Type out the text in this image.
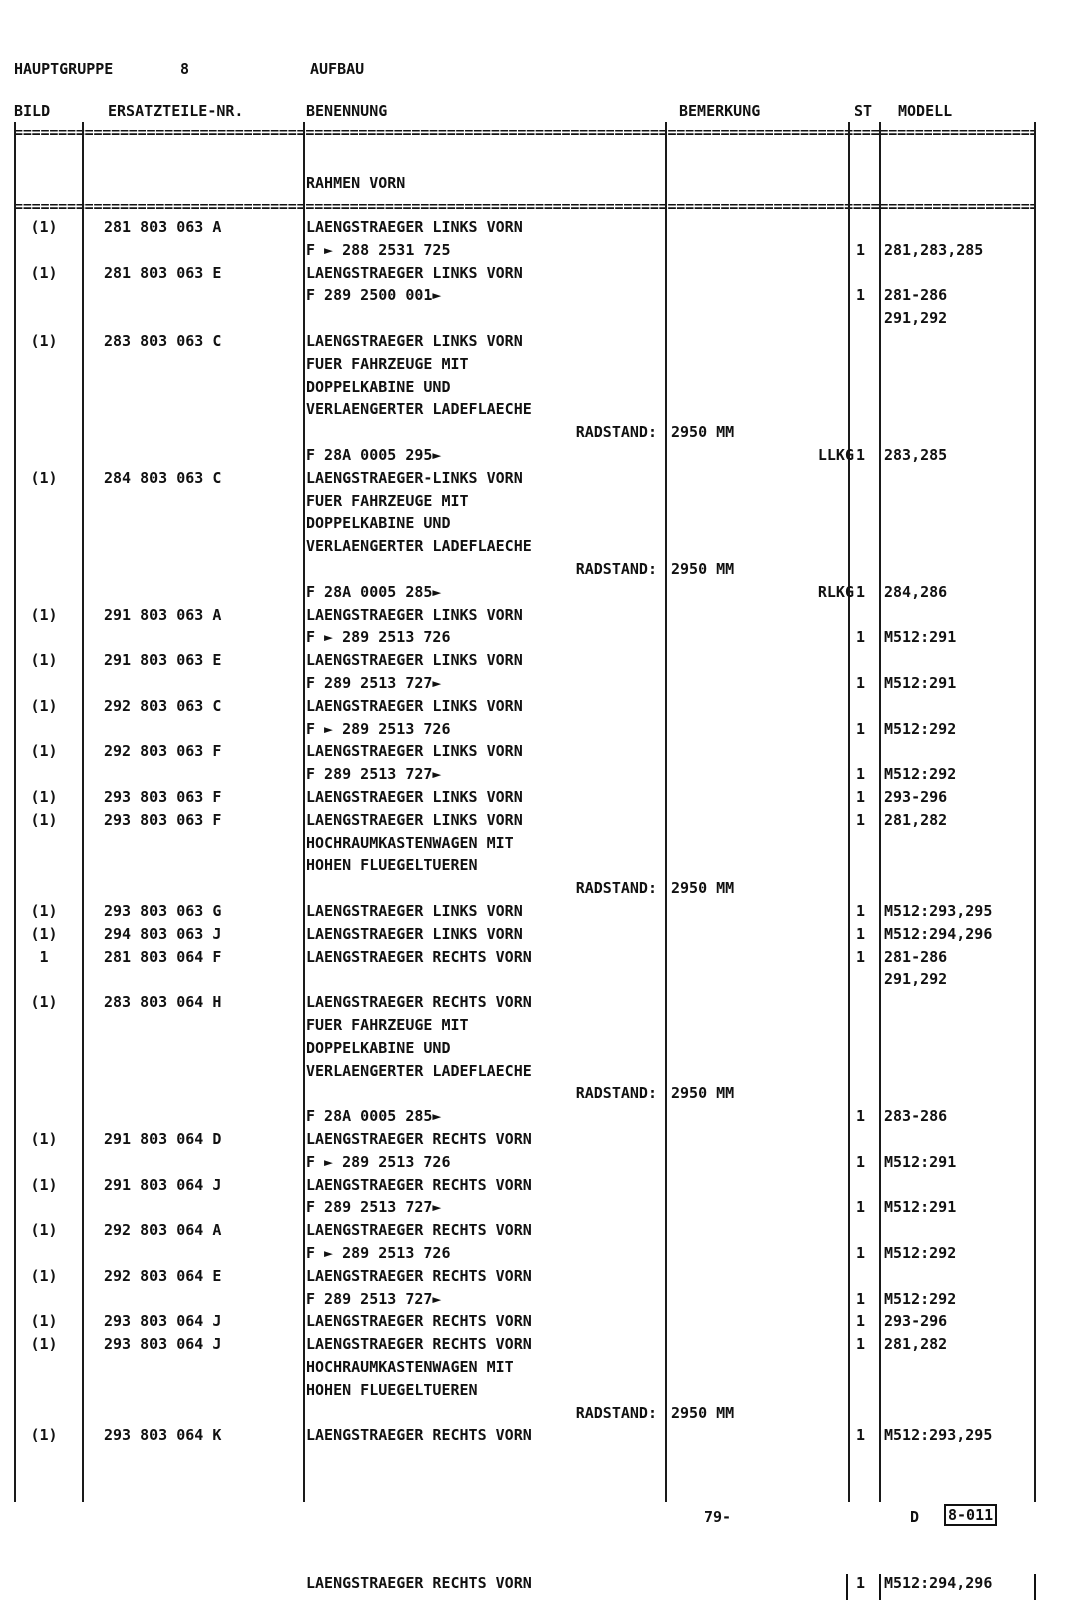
HAUPTGRUPPE	8	AUFBAU
BILD	ERSATZTEILE-NR.	BENENNUNG	BEMERKUNG	ST MODELL
=====
=====
RAHMEN VORN
(1)	281 803 063 A	LAENGSTRAEGER LINKS VORN
F ► 288 2531 725	1 281,283,285
(1)	281 803 063 E	LAENGSTRAEGER LINKS VORN
F 289 2500 001►	1 281-286
291,292
(1)	283 803 063 C	LAENGSTRAEGER LINKS VORN
FUER FAHRZEUGE MIT
DOPPELKABINE UND
VERLAENGERTER LADEFLAECHE
RADSTAND: 2950 MM
F 28A 0005 295►	LLKG 1 283,285
(1)	284 803 063 C	LAENGSTRAEGER-LINKS VORN
FUER FAHRZEUGE MIT
DOPPELKABINE UND
VERLAENGERTER LADEFLAECHE
RADSTAND: 2950 MM
F 28A 0005 285►	RLKG 1 284,286
(1)	291 803 063 A	LAENGSTRAEGER LINKS VORN
F ► 289 2513 726	1 M512:291
(1)	291 803 063 E	LAENGSTRAEGER LINKS VORN
F 289 2513 727►	1 M512:291
(1)	292 803 063 C	LAENGSTRAEGER LINKS VORN
F ► 289 2513 726	1 M512:292
(1)	292 803 063 F	LAENGSTRAEGER LINKS VORN
F 289 2513 727►	1 M512:292
(1)	293 803 063 F	LAENGSTRAEGER LINKS VORN	1 293-296
(1)	293 803 063 F	LAENGSTRAEGER LINKS VORN	1 281,282
HOCHRAUMKASTENWAGEN MIT
HOHEN FLUEGELTUEREN
RADSTAND: 2950 MM
(1)	293 803 063 G	LAENGSTRAEGER LINKS VORN	1 M512:293,295
(1)	294 803 063 J	LAENGSTRAEGER LINKS VORN	1 M512:294,296
1	281 803 064 F	LAENGSTRAEGER RECHTS VORN	1 281-286
291,292
(1)	283 803 064 H	LAENGSTRAEGER RECHTS VORN
FUER FAHRZEUGE MIT
DOPPELKABINE UND
VERLAENGERTER LADEFLAECHE
RADSTAND: 2950 MM
F 28A 0005 285►	1 283-286
(1)	291 803 064 D	LAENGSTRAEGER RECHTS VORN
F ► 289 2513 726	1 M512:291
(1)	291 803 064 J	LAENGSTRAEGER RECHTS VORN
F 289 2513 727►	1 M512:291
(1)	292 803 064 A	LAENGSTRAEGER RECHTS VORN
F ► 289 2513 726	1 M512:292
(1)	292 803 064 E	LAENGSTRAEGER RECHTS VORN
F 289 2513 727►	1 M512:292
(1)	293 803 064 J	LAENGSTRAEGER RECHTS VORN	1 293-296
(1)	293 803 064 J	LAENGSTRAEGER RECHTS VORN	1 281,282
HOCHRAUMKASTENWAGEN MIT
HOHEN FLUEGELTUEREN
RADSTAND: 2950 MM
(1)	293 803 064 K	LAENGSTRAEGER RECHTS VORN	1 M512:293,295
79-	D 8-011
LAENGSTRAEGER RECHTS VORN	1 M512:294,296
